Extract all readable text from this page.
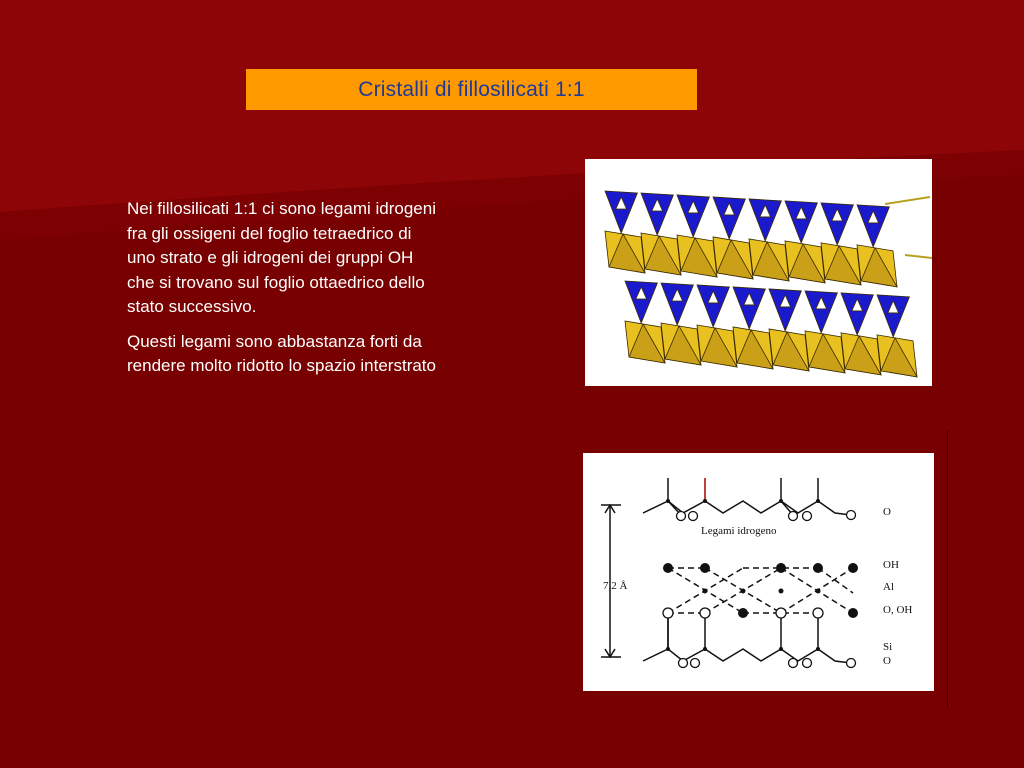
Cristalli di fillosilicati 1:1

Nei fillosilicati 1:1 ci sono legami idrogeni fra gli ossigeni del foglio tetraedrico di uno strato e gli idrogeni dei gruppi OH che si trovano sul foglio ottaedrico dello stato successivo.

Questi legami sono abbastanza forti da rendere molto ridotto lo spazio interstrato

Legami idrogeno
7,2 Å
O
OH
Al
O, OH
Si
O
